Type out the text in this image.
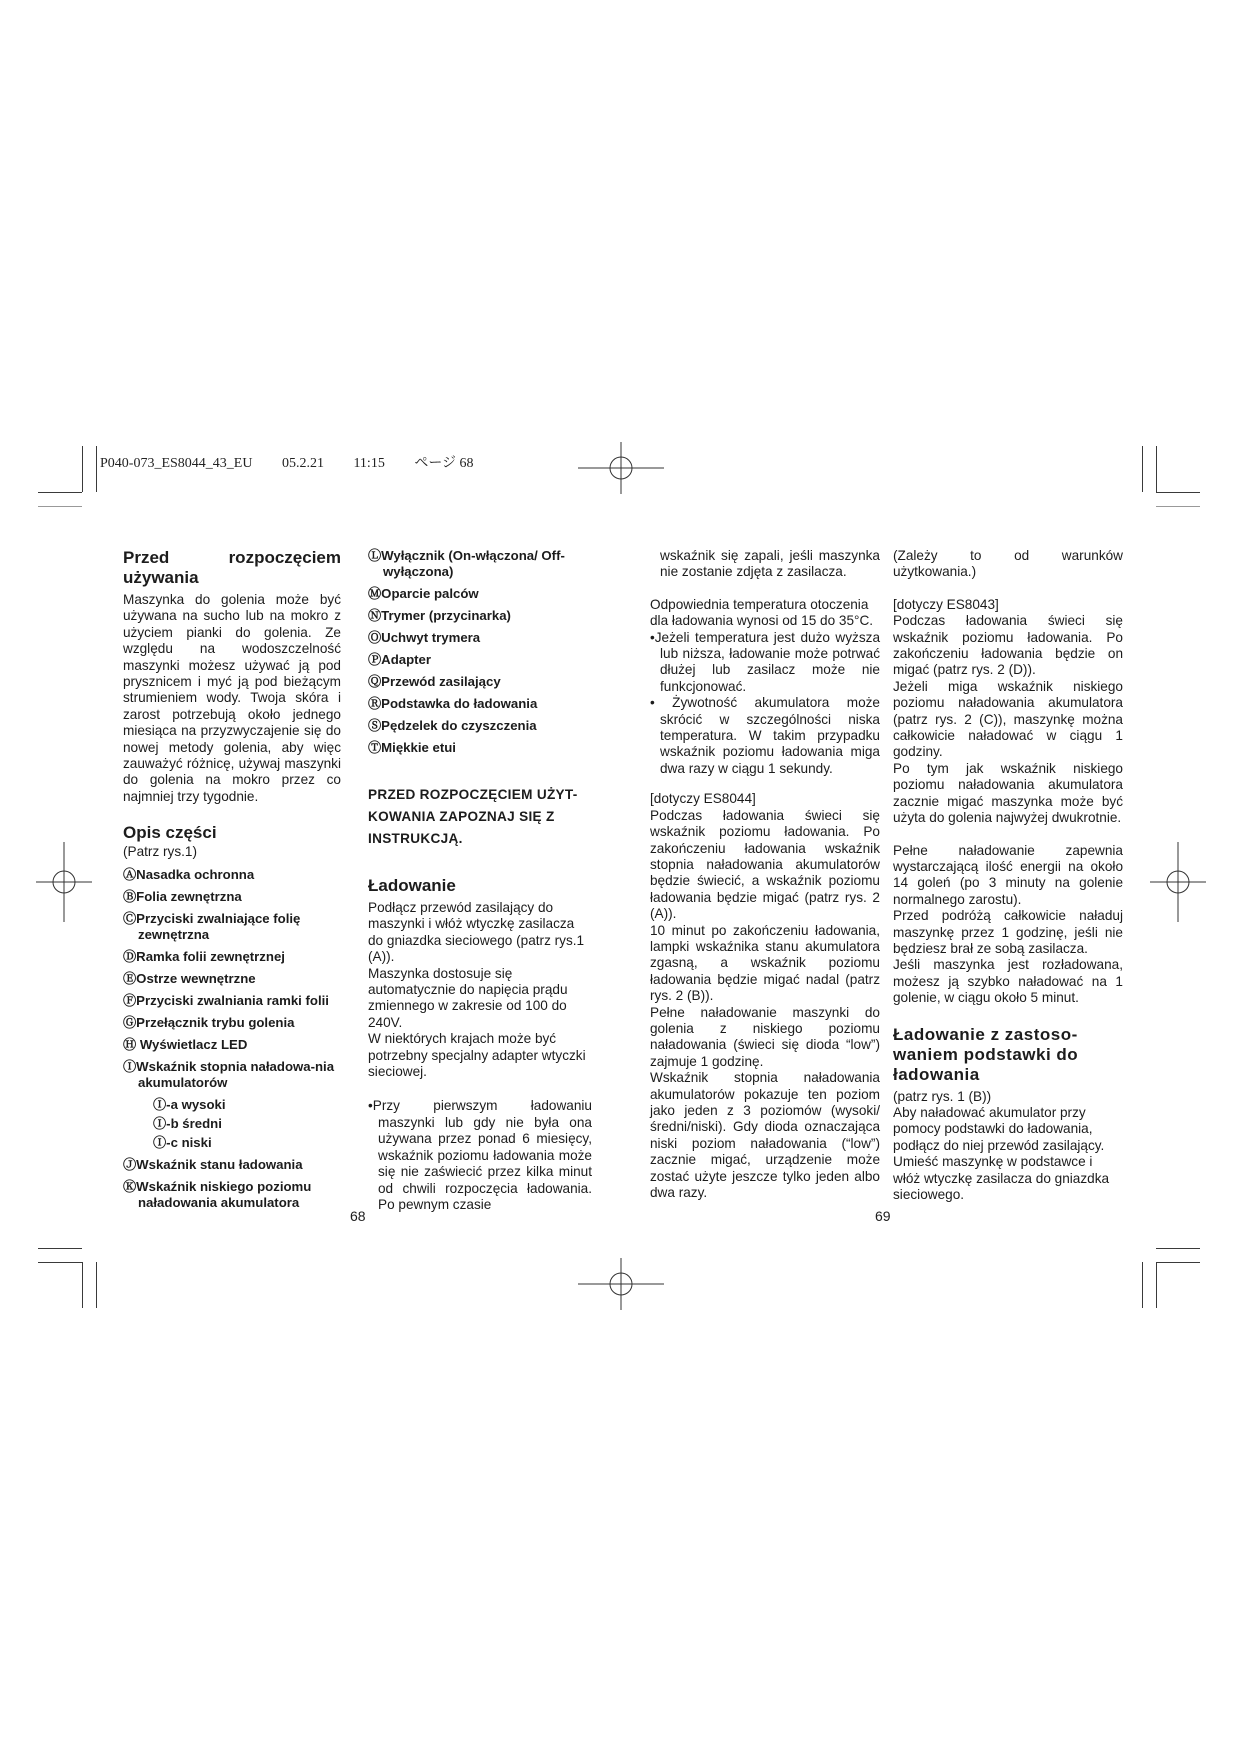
P040-073_ES8044_43_EU 05.2.21 11:15 ページ 68
Przed rozpoczęciem używania

Maszynka do golenia może być używana na sucho lub na mokro z użyciem pianki do golenia. Ze względu na wodoszczelność maszynki możesz używać ją pod prysznicem i myć ją pod bieżącym strumieniem wody. Twoja skóra i zarost potrzebują około jednego miesiąca na przyzwyczajenie się do nowej metody golenia, aby więc zauważyć różnicę, używaj maszynki do golenia na mokro przez co najmniej trzy tygodnie.

Opis części
(Patrz rys.1)
ⒶNasadka ochronna
ⒷFolia zewnętrzna
ⒸPrzyciski zwalniające folię zewnętrzna
ⒹRamka folii zewnętrznej
ⒺOstrze wewnętrzne
ⒻPrzyciski zwalniania ramki folii
ⒼPrzełącznik trybu golenia
Ⓗ Wyświetlacz LED
ⒾWskaźnik stopnia naładowa-nia akumulatorów
Ⓘ-a wysoki
Ⓘ-b średni
Ⓘ-c niski
ⒿWskaźnik stanu ładowania
ⓀWskaźnik niskiego poziomu naładowania akumulatora
ⓁWyłącznik (On-włączona/ Off-wyłączona)
ⓂOparcie palców
ⓃTrymer (przycinarka)
ⓄUchwyt trymera
ⓅAdapter
ⓆPrzewód zasilający
ⓇPodstawka do ładowania
ⓈPędzelek do czyszczenia
ⓉMiękkie etui
PRZED ROZPOCZĘCIEM UŻYT-KOWANIA ZAPOZNAJ SIĘ Z INSTRUKCJĄ.
Ładowanie

Podłącz przewód zasilający do maszynki i włóż wtyczkę zasilacza do gniazdka sieciowego (patrz rys.1 (A)).

Maszynka dostosuje się automatycznie do napięcia prądu zmiennego w zakresie od 100 do 240V.

W niektórych krajach może być potrzebny specjalny adapter wtyczki sieciowej.

•Przy pierwszym ładowaniu maszynki lub gdy nie była ona używana przez ponad 6 miesięcy, wskaźnik poziomu ładowania może się nie zaświecić przez kilka minut od chwili rozpoczęcia ładowania. Po pewnym czasie

68

wskaźnik się zapali, jeśli maszynka nie zostanie zdjęta z zasilacza.

Odpowiednia temperatura otoczenia dla ładowania wynosi od 15 do 35°C.

•Jeżeli temperatura jest dużo wyższa lub niższa, ładowanie może potrwać dłużej lub zasilacz może nie funkcjonować.

• Żywotność akumulatora może skrócić w szczególności niska temperatura. W takim przypadku wskaźnik poziomu ładowania miga dwa razy w ciągu 1 sekundy.

[dotyczy ES8044]

Podczas ładowania świeci się wskaźnik poziomu ładowania. Po zakończeniu ładowania wskaźnik stopnia naładowania akumulatorów będzie świecić, a wskaźnik poziomu ładowania będzie migać (patrz rys. 2 (A)).

10 minut po zakończeniu ładowania, lampki wskaźnika stanu akumulatora zgasną, a wskaźnik poziomu ładowania będzie migać nadal (patrz rys. 2 (B)).

Pełne naładowanie maszynki do golenia z niskiego poziomu naładowania (świeci się dioda “low”) zajmuje 1 godzinę.

Wskaźnik stopnia naładowania akumulatorów pokazuje ten poziom jako jeden z 3 poziomów (wysoki/ średni/niski). Gdy dioda oznaczająca niski poziom naładowania (“low”) zacznie migać, urządzenie może zostać użyte jeszcze tylko jeden albo dwa razy.

(Zależy to od warunków użytkowania.)

[dotyczy ES8043]

Podczas ładowania świeci się wskaźnik poziomu ładowania. Po zakończeniu ładowania będzie on migać (patrz rys. 2 (D)).

Jeżeli miga wskaźnik niskiego poziomu naładowania akumulatora (patrz rys. 2 (C)), maszynkę można całkowicie naładować w ciągu 1 godziny.

Po tym jak wskaźnik niskiego poziomu naładowania akumulatora zacznie migać maszynka może być użyta do golenia najwyżej dwukrotnie.

Pełne naładowanie zapewnia wystarczającą ilość energii na około 14 goleń (po 3 minuty na golenie normalnego zarostu).

Przed podróżą całkowicie naładuj maszynkę przez 1 godzinę, jeśli nie będziesz brał ze sobą zasilacza.

Jeśli maszynka jest rozładowana, możesz ją szybko naładować na 1 golenie, w ciągu około 5 minut.

Ładowanie z zastoso-waniem podstawki do ładowania
(patrz rys. 1 (B))

Aby naładować akumulator przy pomocy podstawki do ładowania, podłącz do niej przewód zasilający. Umieść maszynkę w podstawce i włóż wtyczkę zasilacza do gniazdka sieciowego.

69
